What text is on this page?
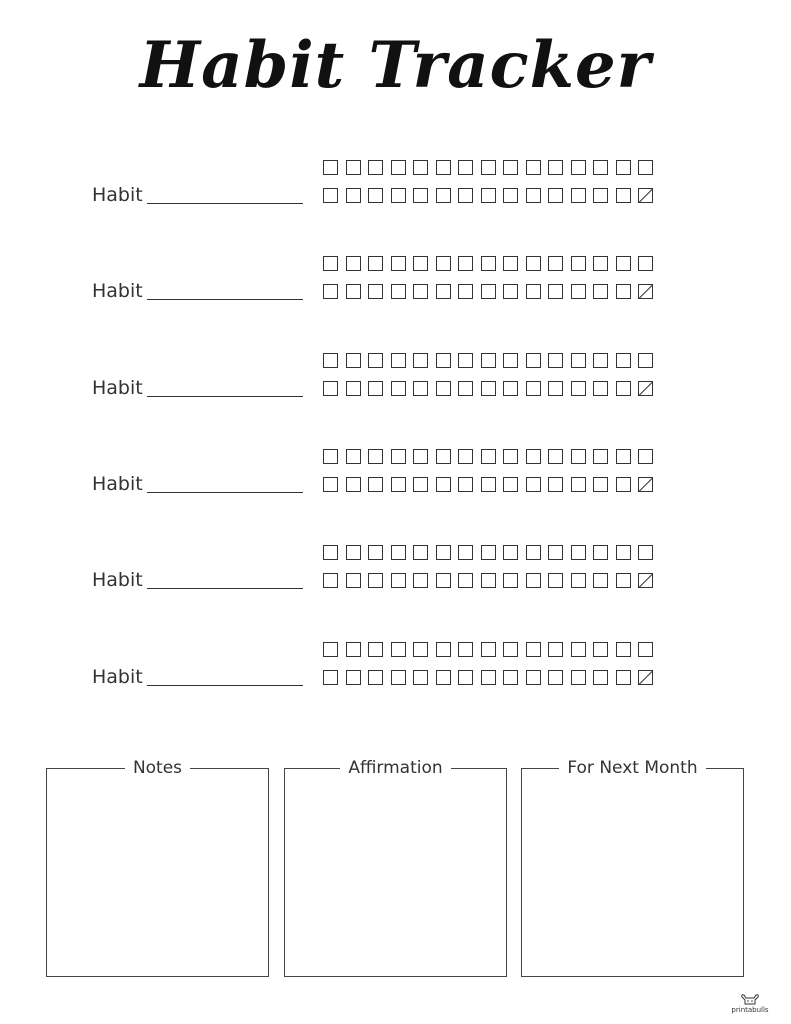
Habit Tracker
Habit
Habit
Habit
Habit
Habit
Habit
Notes	Affirmation	For Next Month
printabulls
